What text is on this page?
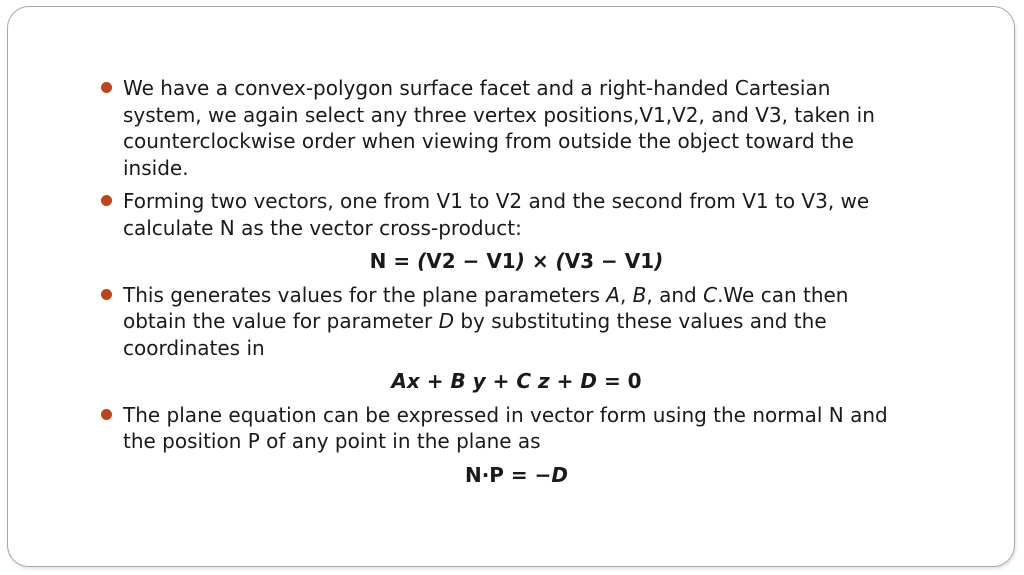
We have a convex-polygon surface facet and a right-handed Cartesian system, we again select any three vertex positions,V1,V2, and V3, taken in counterclockwise order when viewing from outside the object toward the inside.
Forming two vectors, one from V1 to V2 and the second from V1 to V3, we calculate N as the vector cross-product:
N = (V2 − V1) × (V3 − V1)
This generates values for the plane parameters A, B, and C.We can then obtain the value for parameter D by substituting these values and the coordinates in
Ax + B y + C z + D = 0
The plane equation can be expressed in vector form using the normal N and the position P of any point in the plane as
N·P = −D
